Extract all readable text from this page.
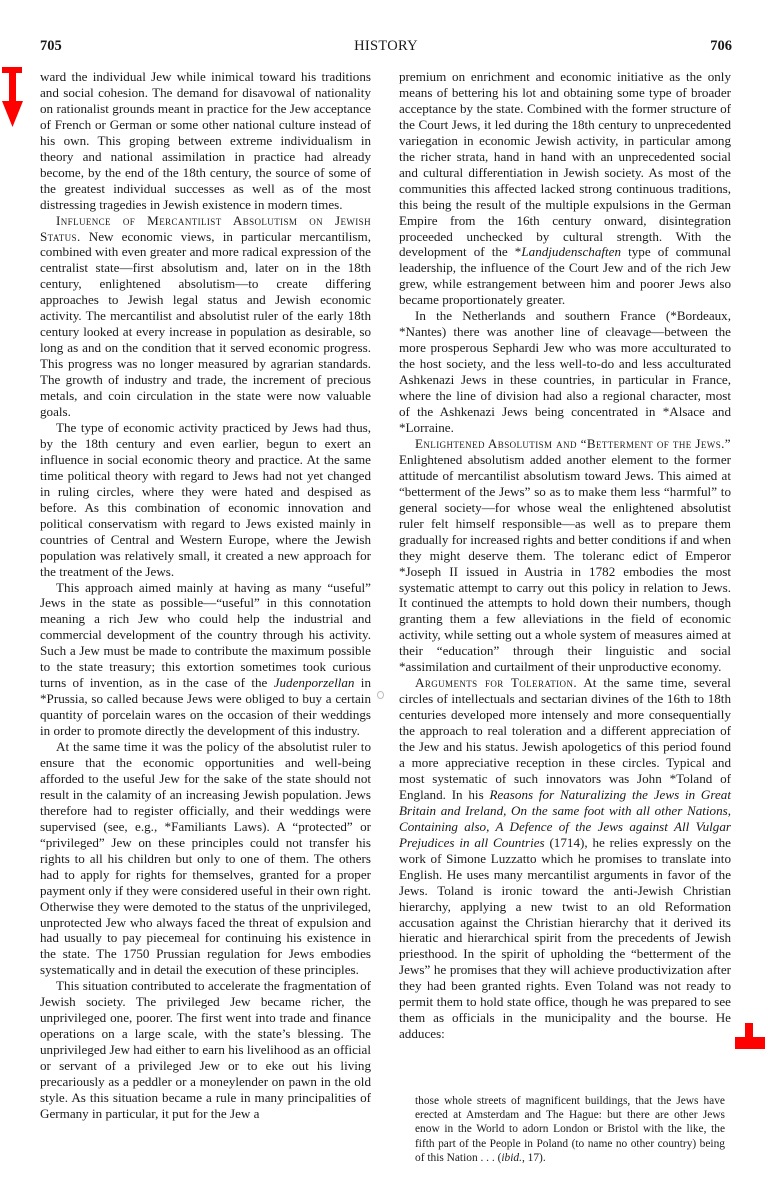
705	HISTORY	706

ward the individual Jew while inimical toward his traditions and social cohesion. The demand for disavowal of nationality on rationalist grounds meant in practice for the Jew acceptance of French or German or some other national culture instead of his own. This groping between extreme individualism in theory and national assimilation in practice had already become, by the end of the 18th century, the source of some of the greatest individual successes as well as of the most distressing tragedies in Jewish existence in modern times.

Influence of Mercantilist Absolutism on Jewish Status. New economic views, in particular mercantilism, combined with even greater and more radical expression of the centralist state—first absolutism and, later on in the 18th century, enlightened absolutism—to create differing approaches to Jewish legal status and Jewish economic activity. The mercantilist and absolutist ruler of the early 18th century looked at every increase in population as desirable, so long as and on the condition that it served economic progress. This progress was no longer measured by agrarian standards. The growth of industry and trade, the increment of precious metals, and coin circulation in the state were now valuable goals.

The type of economic activity practiced by Jews had thus, by the 18th century and even earlier, begun to exert an influence in social economic theory and practice. At the same time political theory with regard to Jews had not yet changed in ruling circles, where they were hated and despised as before. As this combination of economic innovation and political conservatism with regard to Jews existed mainly in countries of Central and Western Europe, where the Jewish population was relatively small, it created a new approach for the treatment of the Jews.

This approach aimed mainly at having as many “useful” Jews in the state as possible—“useful” in this connotation meaning a rich Jew who could help the industrial and commercial development of the country through his activity. Such a Jew must be made to contribute the maximum possible to the state treasury; this extortion sometimes took curious turns of invention, as in the case of the Judenporzellan in *Prussia, so called because Jews were obliged to buy a certain quantity of porcelain wares on the occasion of their weddings in order to promote directly the development of this industry.

At the same time it was the policy of the absolutist ruler to ensure that the economic opportunities and well-being afforded to the useful Jew for the sake of the state should not result in the calamity of an increasing Jewish population. Jews therefore had to register officially, and their weddings were supervised (see, e.g., *Familiants Laws). A “protected” or “privileged” Jew on these principles could not transfer his rights to all his children but only to one of them. The others had to apply for rights for themselves, granted for a proper payment only if they were considered useful in their own right. Otherwise they were demoted to the status of the unprivileged, unprotected Jew who always faced the threat of expulsion and had usually to pay piecemeal for continuing his existence in the state. The 1750 Prussian regulation for Jews embodies systematically and in detail the execution of these principles.

This situation contributed to accelerate the fragmentation of Jewish society. The privileged Jew became richer, the unprivileged one, poorer. The first went into trade and finance operations on a large scale, with the state’s blessing. The unprivileged Jew had either to earn his livelihood as an official or servant of a privileged Jew or to eke out his living precariously as a peddler or a moneylender on pawn in the old style. As this situation became a rule in many principalities of Germany in particular, it put for the Jew a

premium on enrichment and economic initiative as the only means of bettering his lot and obtaining some type of broader acceptance by the state. Combined with the former structure of the Court Jews, it led during the 18th century to unprecedented variegation in economic Jewish activity, in particular among the richer strata, hand in hand with an unprecedented social and cultural differentiation in Jewish society. As most of the communities this affected lacked strong continuous traditions, this being the result of the multiple expulsions in the German Empire from the 16th century onward, disintegration proceeded unchecked by cultural strength. With the development of the *Landjudenschaften type of communal leadership, the influence of the Court Jew and of the rich Jew grew, while estrangement between him and poorer Jews also became proportionately greater.

In the Netherlands and southern France (*Bordeaux, *Nantes) there was another line of cleavage—between the more prosperous Sephardi Jew who was more acculturated to the host society, and the less well-to-do and less acculturated Ashkenazi Jews in these countries, in particular in France, where the line of division had also a regional character, most of the Ashkenazi Jews being concentrated in *Alsace and *Lorraine.

Enlightened Absolutism and “Betterment of the Jews.” Enlightened absolutism added another element to the former attitude of mercantilist absolutism toward Jews. This aimed at “betterment of the Jews” so as to make them less “harmful” to general society—for whose weal the enlightened absolutist ruler felt himself responsible—as well as to prepare them gradually for increased rights and better conditions if and when they might deserve them. The toleranc edict of Emperor *Joseph II issued in Austria in 1782 embodies the most systematic attempt to carry out this policy in relation to Jews. It continued the attempts to hold down their numbers, though granting them a few alleviations in the field of economic activity, while setting out a whole system of measures aimed at their “education” through their linguistic and social *assimilation and curtailment of their unproductive economy.

Arguments for Toleration. At the same time, several circles of intellectuals and sectarian divines of the 16th to 18th centuries developed more intensely and more consequentially the approach to real toleration and a different appreciation of the Jew and his status. Jewish apologetics of this period found a more appreciative reception in these circles. Typical and most systematic of such innovators was John *Toland of England. In his Reasons for Naturalizing the Jews in Great Britain and Ireland, On the same foot with all other Nations, Containing also, A Defence of the Jews against All Vulgar Prejudices in all Countries (1714), he relies expressly on the work of Simone Luzzatto which he promises to translate into English. He uses many mercantilist arguments in favor of the Jews. Toland is ironic toward the anti-Jewish Christian hierarchy, applying a new twist to an old Reformation accusation against the Christian hierarchy that it derived its hieratic and hierarchical spirit from the precedents of Jewish priesthood. In the spirit of upholding the “betterment of the Jews” he promises that they will achieve productivization after they had been granted rights. Even Toland was not ready to permit them to hold state office, though he was prepared to see them as officials in the municipality and the bourse. He adduces:

those whole streets of magnificent buildings, that the Jews have erected at Amsterdam and The Hague: but there are other Jews enow in the World to adorn London or Bristol with the like, the fifth part of the People in Poland (to name no other country) being of this Nation . . . (ibid., 17).
